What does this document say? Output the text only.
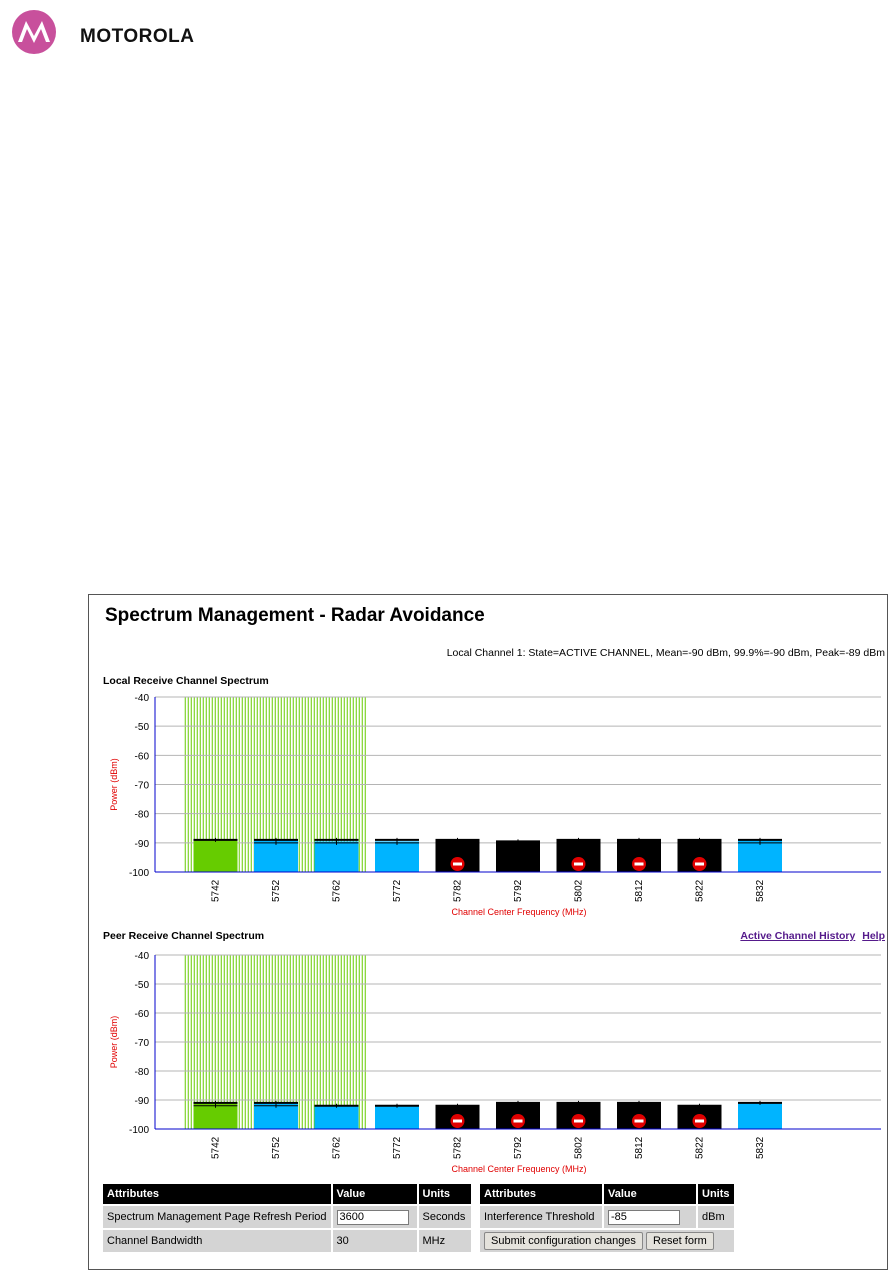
MOTOROLA
Spectrum Management - Radar Avoidance
Local Channel 1: State=ACTIVE CHANNEL, Mean=-90 dBm, 99.9%=-90 dBm, Peak=-89 dBm
Local Receive Channel Spectrum
-40
-50
-60
-70
-80
-90
-100
5742	5752	5762	5772	5782	5792	5802	5812	5822	5832
Power (dBm)
Channel Center Frequency (MHz)
Peer Receive Channel Spectrum	Active Channel History Help
-40
-50
-60
-70
-80
-90
-100
5742	5752	5762	5772	5782	5792	5802	5812	5822	5832
Power (dBm)
Channel Center Frequency (MHz)
Attributes	Value	Units
Spectrum Management Page Refresh Period	3600	Seconds
Channel Bandwidth	30	MHz
Attributes	Value	Units
Interference Threshold	-85	dBm
Submit configuration changes Reset form		
